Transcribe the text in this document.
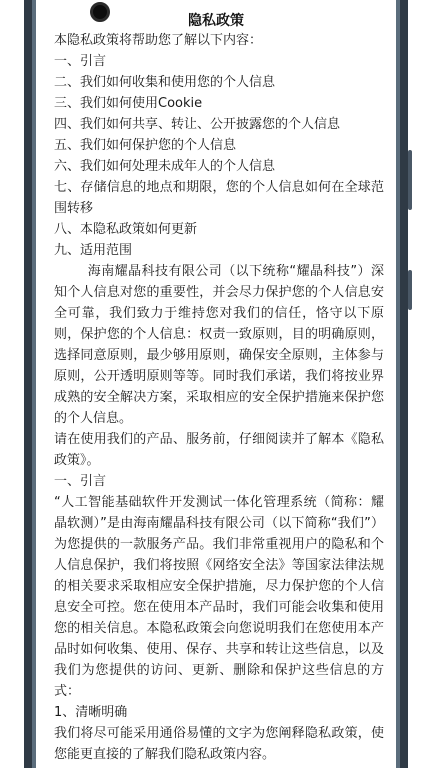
隐私政策
本隐私政策将帮助您了解以下内容：
一、引言
二、我们如何收集和使用您的个人信息
三、我们如何使用Cookie
四、我们如何共享、转让、公开披露您的个人信息
五、我们如何保护您的个人信息
六、我们如何处理未成年人的个人信息
七、存储信息的地点和期限，您的个人信息如何在全球范围转移
八、本隐私政策如何更新
九、适用范围
海南耀晶科技有限公司（以下统称“耀晶科技”）深知个人信息对您的重要性，并会尽力保护您的个人信息安全可靠，我们致力于维持您对我们的信任，恪守以下原则，保护您的个人信息：权责一致原则，目的明确原则，选择同意原则，最少够用原则，确保安全原则，主体参与原则，公开透明原则等等。同时我们承诺，我们将按业界成熟的安全解决方案，采取相应的安全保护措施来保护您的个人信息。
请在使用我们的产品、服务前，仔细阅读并了解本《隐私政策》。
一、引言
“人工智能基础软件开发测试一体化管理系统（简称：耀晶软测）”是由海南耀晶科技有限公司（以下简称“我们”）为您提供的一款服务产品。我们非常重视用户的隐私和个人信息保护，我们将按照《网络安全法》等国家法律法规的相关要求采取相应安全保护措施，尽力保护您的个人信息安全可控。您在使用本产品时，我们可能会收集和使用您的相关信息。本隐私政策会向您说明我们在您使用本产品时如何收集、使用、保存、共享和转让这些信息，以及我们为您提供的访问、更新、删除和保护这些信息的方式：
1、清晰明确
我们将尽可能采用通俗易懂的文字为您阐释隐私政策，使您能更直接的了解我们隐私政策内容。
